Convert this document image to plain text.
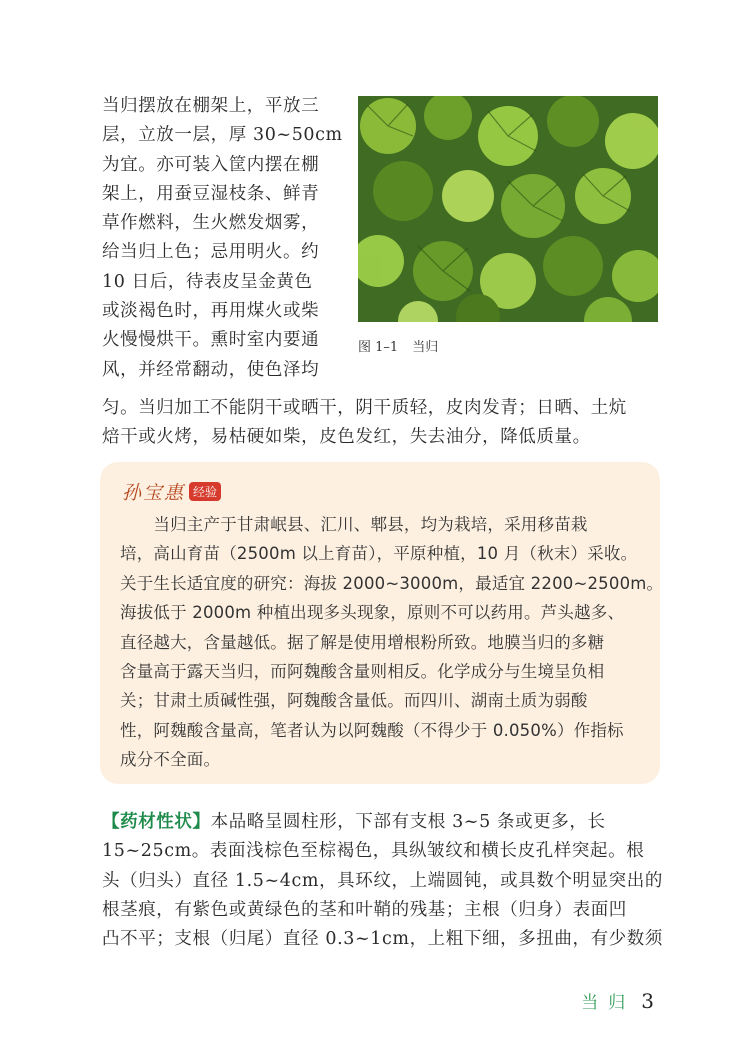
当归摆放在棚架上，平放三
层，立放一层，厚 30~50cm
为宜。亦可装入筐内摆在棚
架上，用蚕豆湿枝条、鲜青
草作燃料，生火燃发烟雾，
给当归上色；忌用明火。约
10 日后，待表皮呈金黄色
或淡褐色时，再用煤火或柴
火慢慢烘干。熏时室内要通
风，并经常翻动，使色泽均
图 1–1 当归
匀。当归加工不能阴干或晒干，阴干质轻，皮肉发青；日晒、土炕
焙干或火烤，易枯硬如柴，皮色发红，失去油分，降低质量。
孙宝惠 经验
　　当归主产于甘肃岷县、汇川、郫县，均为栽培，采用移苗栽
培，高山育苗（2500m 以上育苗），平原种植，10 月（秋末）采收。
关于生长适宜度的研究：海拔 2000~3000m，最适宜 2200~2500m。
海拔低于 2000m 种植出现多头现象，原则不可以药用。芦头越多、
直径越大，含量越低。据了解是使用增根粉所致。地膜当归的多糖
含量高于露天当归，而阿魏酸含量则相反。化学成分与生境呈负相
关；甘肃土质碱性强，阿魏酸含量低。而四川、湖南土质为弱酸
性，阿魏酸含量高，笔者认为以阿魏酸（不得少于 0.050%）作指标
成分不全面。
【药材性状】本品略呈圆柱形，下部有支根 3~5 条或更多，长
15~25cm。表面浅棕色至棕褐色，具纵皱纹和横长皮孔样突起。根
头（归头）直径 1.5~4cm，具环纹，上端圆钝，或具数个明显突出的
根茎痕，有紫色或黄绿色的茎和叶鞘的残基；主根（归身）表面凹
凸不平；支根（归尾）直径 0.3~1cm，上粗下细，多扭曲，有少数须
当归 3
